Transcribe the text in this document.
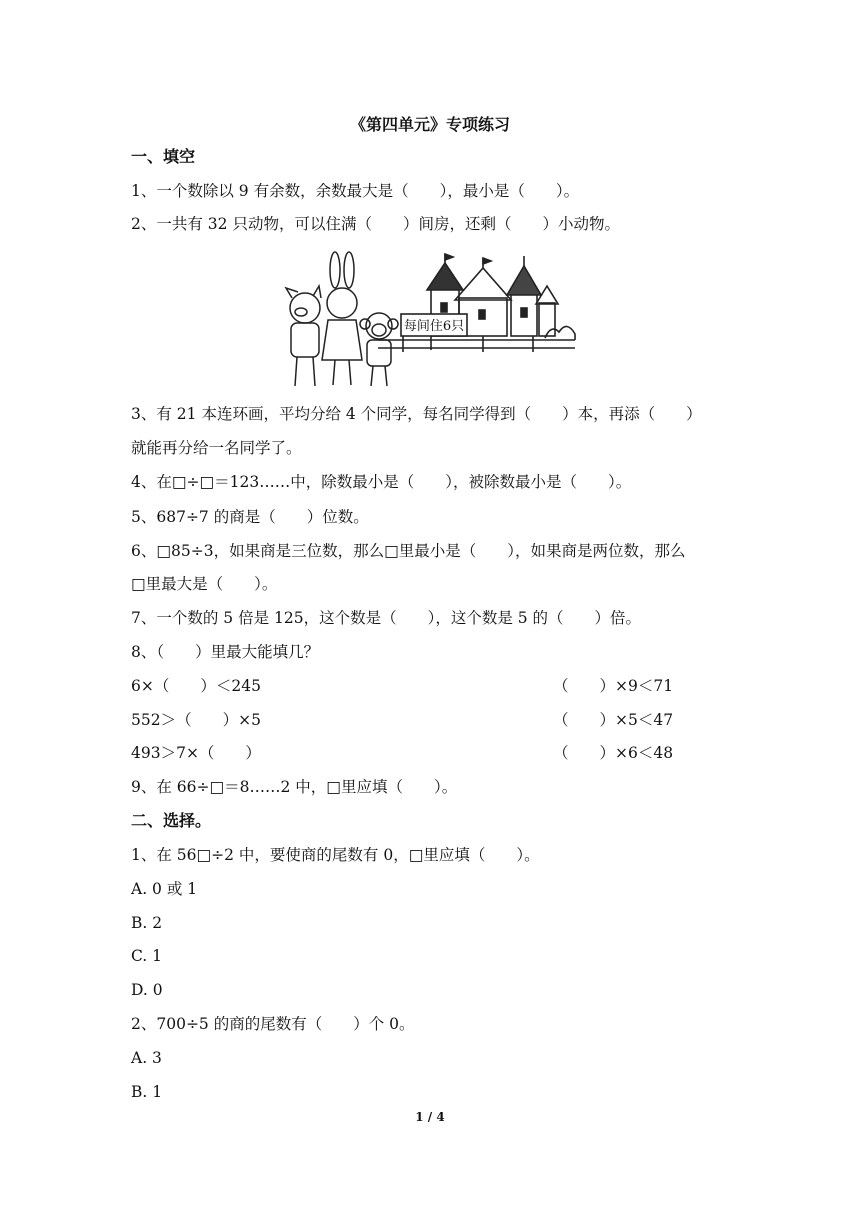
《第四单元》专项练习
一、填空
1、一个数除以 9 有余数，余数最大是（　　），最小是（　　）。
2、一共有 32 只动物，可以住满（　　）间房，还剩（　　）小动物。
每间住6只
3、有 21 本连环画，平均分给 4 个同学，每名同学得到（　　）本，再添（　　）
就能再分给一名同学了。
4、在□÷□＝123……中，除数最小是（　　），被除数最小是（　　）。
5、687÷7 的商是（　　）位数。
6、□85÷3，如果商是三位数，那么□里最小是（　　），如果商是两位数，那么
□里最大是（　　）。
7、一个数的 5 倍是 125，这个数是（　　），这个数是 5 的（　　）倍。
8、（　　）里最大能填几？
6×（　　）＜245	（　　）×9＜71
552＞（　　）×5	（　　）×5＜47
493＞7×（　　）	（　　）×6＜48
9、在 66÷□＝8……2 中，□里应填（　　）。
二、选择。
1、在 56□÷2 中，要使商的尾数有 0，□里应填（　　）。
A. 0 或 1
B. 2
C. 1
D. 0
2、700÷5 的商的尾数有（　　）个 0。
A. 3
B. 1
1 / 4
